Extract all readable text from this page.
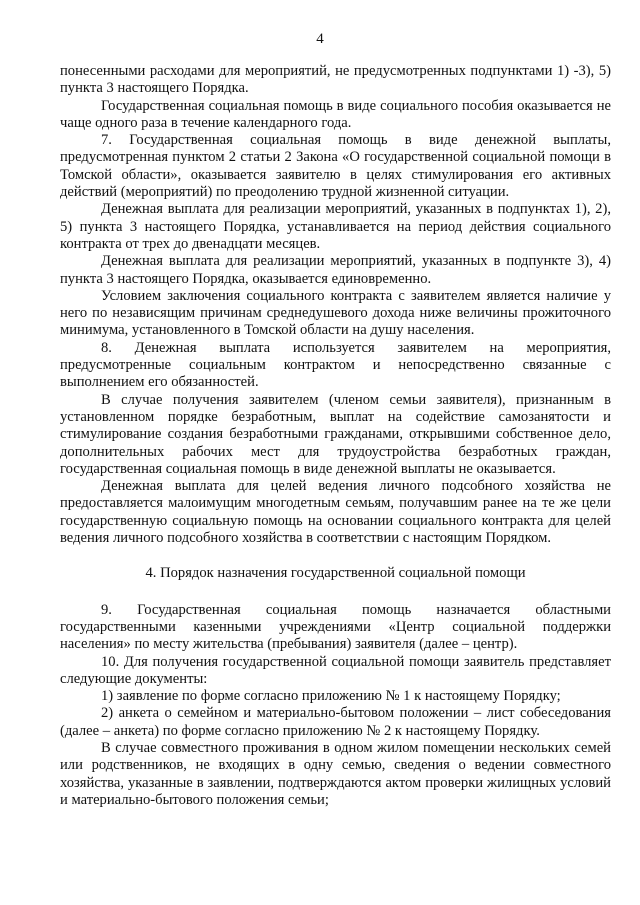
4

понесенными расходами для мероприятий, не предусмотренных подпунктами 1) -3), 5) пункта 3 настоящего Порядка.

Государственная социальная помощь в виде социального пособия оказывается не чаще одного раза в течение календарного года.

7. Государственная социальная помощь в виде денежной выплаты, предусмотренная пунктом 2 статьи 2 Закона «О государственной социальной помощи в Томской области», оказывается заявителю в целях стимулирования его активных действий (мероприятий) по преодолению трудной жизненной ситуации.

Денежная выплата для реализации мероприятий, указанных в подпунктах 1), 2), 5) пункта 3 настоящего Порядка, устанавливается на период действия социального контракта от трех до двенадцати месяцев.

Денежная выплата для реализации мероприятий, указанных в подпункте 3), 4) пункта 3 настоящего Порядка, оказывается единовременно.

Условием заключения социального контракта с заявителем является наличие у него по независящим причинам среднедушевого дохода ниже величины прожиточного минимума, установленного в Томской области на душу населения.

8. Денежная выплата используется заявителем на мероприятия, предусмотренные социальным контрактом и непосредственно связанные с выполнением его обязанностей.

В случае получения заявителем (членом семьи заявителя), признанным в установленном порядке безработным, выплат на содействие самозанятости и стимулирование создания безработными гражданами, открывшими собственное дело, дополнительных рабочих мест для трудоустройства безработных граждан, государственная социальная помощь в виде денежной выплаты не оказывается.

Денежная выплата для целей ведения личного подсобного хозяйства не предоставляется малоимущим многодетным семьям, получавшим ранее на те же цели государственную социальную помощь на основании социального контракта для целей ведения личного подсобного хозяйства в соответствии с настоящим Порядком.

4. Порядок назначения государственной социальной помощи

9. Государственная социальная помощь назначается областными государственными казенными учреждениями «Центр социальной поддержки населения» по месту жительства (пребывания) заявителя (далее – центр).

10. Для получения государственной социальной помощи заявитель представляет следующие документы:

1) заявление по форме согласно приложению № 1 к настоящему Порядку;

2) анкета о семейном и материально-бытовом положении – лист собеседования (далее – анкета) по форме согласно приложению № 2 к настоящему Порядку.

В случае совместного проживания в одном жилом помещении нескольких семей или родственников, не входящих в одну семью, сведения о ведении совместного хозяйства, указанные в заявлении, подтверждаются актом проверки жилищных условий и материально-бытового положения семьи;
